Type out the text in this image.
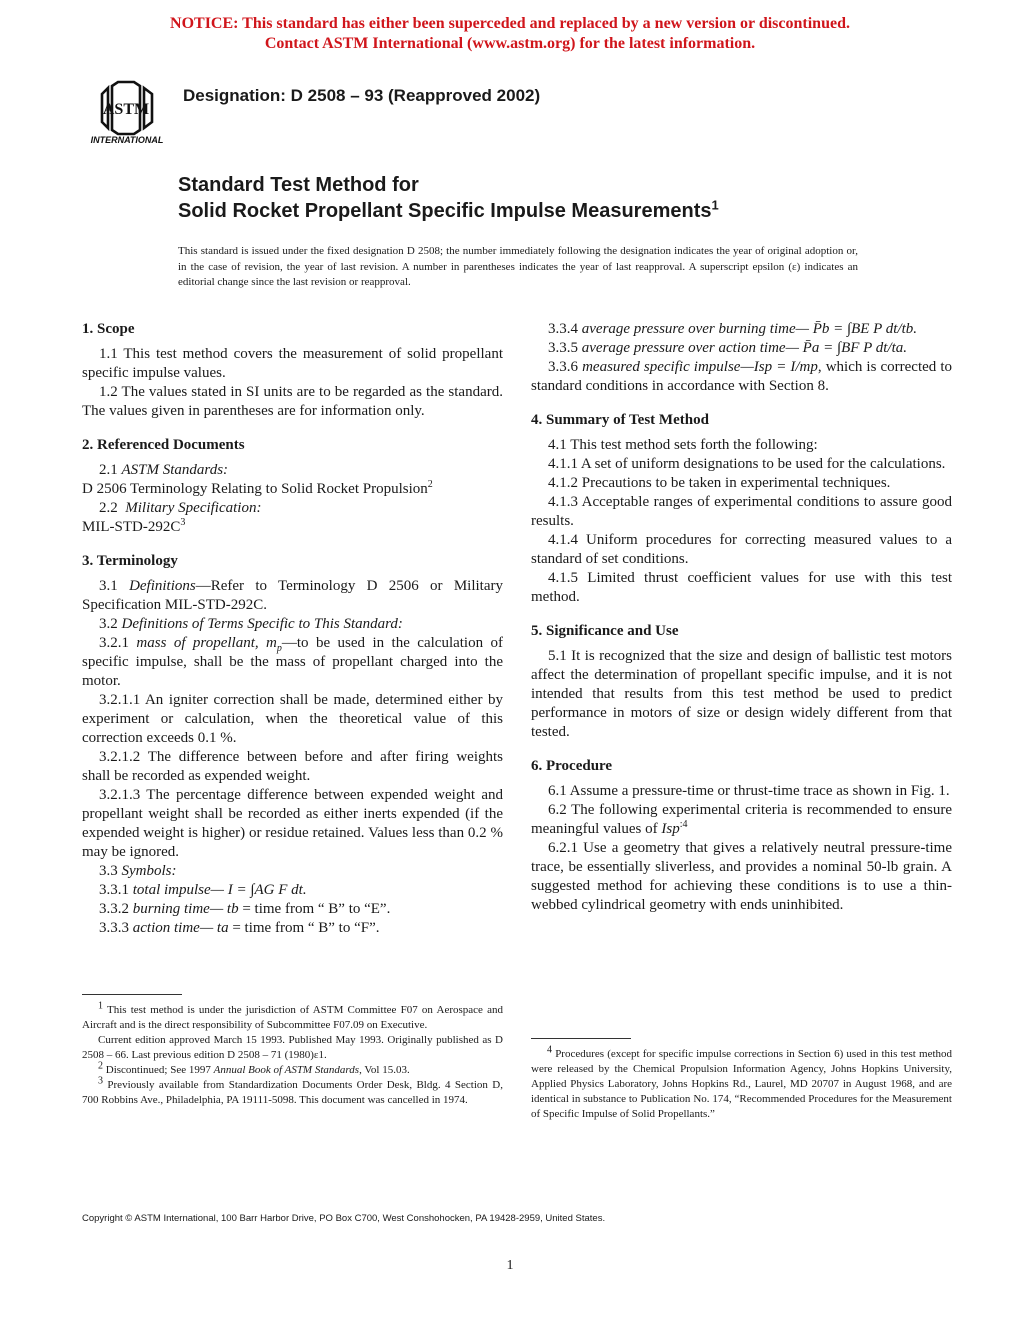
NOTICE: This standard has either been superceded and replaced by a new version or discontinued.
Contact ASTM International (www.astm.org) for the latest information.
ASTM
INTERNATIONAL
Designation: D 2508 – 93 (Reapproved 2002)
Standard Test Method for
Solid Rocket Propellant Specific Impulse Measurements$^1$
This standard is issued under the fixed designation D 2508; the number immediately following the designation indicates the year of original adoption or, in the case of revision, the year of last revision. A number in parentheses indicates the year of last reapproval. A superscript epsilon (ε) indicates an editorial change since the last revision or reapproval.
1. Scope

1.1 This test method covers the measurement of solid propellant specific impulse values.

1.2 The values stated in SI units are to be regarded as the standard. The values given in parentheses are for information only.

2. Referenced Documents

2.1 ASTM Standards:

D 2506 Terminology Relating to Solid Rocket Propulsion$^2$

2.2 Military Specification:

MIL-$STD-292C^3$

3. Terminology

3.1 Definitions—Refer to Terminology D 2506 or Military Specification MIL-STD-292C.

3.2 Definitions of Terms Specific to This Standard:

3.2.1 mass of propellant, $m_p—to$ be used in the calculation of specific impulse, shall be the mass of propellant charged into the motor.

3.2.1.1 An igniter correction shall be made, determined either by experiment or calculation, when the theoretical value of this correction exceeds 0.1 %.

3.2.1.2 The difference between before and after firing weights shall be recorded as expended weight.

3.2.1.3 The percentage difference between expended weight and propellant weight shall be recorded as either inerts expended (if the expended weight is higher) or residue retained. Values less than 0.2 % may be ignored.

3.3 Symbols:

3.3.1 total impulse— I = ∫AG F dt.

3.3.2 burning time— tb = time from “ B” to “E”.

3.3.3 action time— ta = time from “ B” to “F”.

3.3.4 average pressure over burning time— P̄b = ∫BE P dt/tb.

3.3.5 average pressure over action time— P̄a = ∫BF P dt/ta.

3.3.6 measured specific impulse—Isp = I/mp, which is corrected to standard conditions in accordance with Section 8.

4. Summary of Test Method

4.1 This test method sets forth the following:

4.1.1 A set of uniform designations to be used for the calculations.

4.1.2 Precautions to be taken in experimental techniques.

4.1.3 Acceptable ranges of experimental conditions to assure good results.

4.1.4 Uniform procedures for correcting measured values to a standard of set conditions.

4.1.5 Limited thrust coefficient values for use with this test method.

5. Significance and Use

5.1 It is recognized that the size and design of ballistic test motors affect the determination of propellant specific impulse, and it is not intended that results from this test method be used to predict performance in motors of size or design widely different from that tested.

6. Procedure

6.1 Assume a pressure-time or thrust-time trace as shown in Fig. 1.

6.2 The following experimental criteria is recommended to ensure meaningful values of Isp$^{:4}$

6.2.1 Use a geometry that gives a relatively neutral pressure-time trace, be essentially sliverless, and provides a nominal 50-lb grain. A suggested method for achieving these conditions is to use a thin-webbed cylindrical geometry with ends uninhibited.

$^1$ This test method is under the jurisdiction of ASTM Committee F07 on Aerospace and Aircraft and is the direct responsibility of Subcommittee F07.09 on Executive.

Current edition approved March 15 1993. Published May 1993. Originally published as D 2508 – 66. Last previous edition D 2508 – 71 (1980)ε1.

$^2$ Discontinued; See 1997 Annual Book of ASTM Standards, Vol 15.03.

$^3$ Previously available from Standardization Documents Order Desk, Bldg. 4 Section D, 700 Robbins Ave., Philadelphia, PA 19111-5098. This document was cancelled in 1974.

$^4$ Procedures (except for specific impulse corrections in Section 6) used in this test method were released by the Chemical Propulsion Information Agency, Johns Hopkins University, Applied Physics Laboratory, Johns Hopkins Rd., Laurel, MD 20707 in August 1968, and are identical in substance to Publication No. 174, “Recommended Procedures for the Measurement of Specific Impulse of Solid Propellants.”

Copyright © ASTM International, 100 Barr Harbor Drive, PO Box C700, West Conshohocken, PA 19428-2959, United States.
1
